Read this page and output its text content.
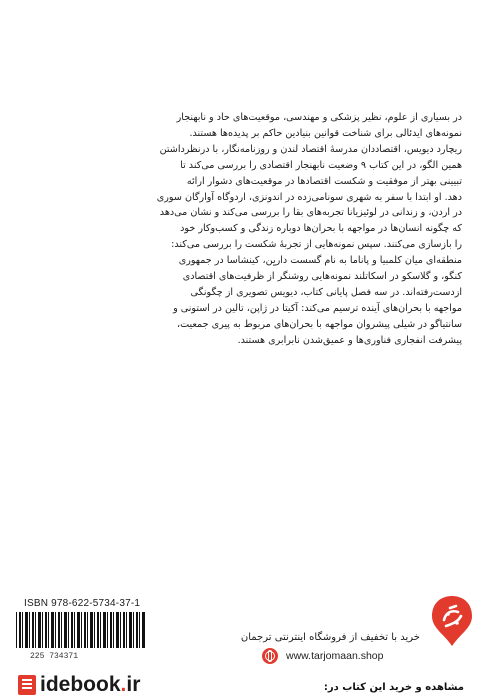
در بسیاری از علوم، نظیر پزشکی و مهندسی، موقعیت‌های حاد و نابهنجار
نمونه‌های ایدئالی برای شناخت قوانین بنیادین حاکم بر پدیده‌ها هستند.
ریچارد دیویس، اقتصاددان مدرسهٔ اقتصاد لندن و روزنامه‌نگار، با درنظرداشتن
همین الگو، در این کتاب ۹ وضعیت نابهنجار اقتصادی را بررسی می‌کند تا
تبیینی بهتر از موفقیت و شکست اقتصادها در موقعیت‌های دشوار ارائه
دهد. او ابتدا با سفر به شهری سونامی‌زده در اندونزی، اردوگاه آوارگان سوری
در اردن، و زندانی در لوئیزیانا تجربه‌های بقا را بررسی می‌کند و نشان می‌دهد
که چگونه انسان‌ها در مواجهه با بحران‌ها دوباره زندگی و کسب‌وکار خود
را بازسازی می‌کنند. سپس نمونه‌هایی از تجربهٔ شکست را بررسی می‌کند:
منطقه‌ای میان کلمبیا و پاناما به نام گسست داریِن، کینشاسا در جمهوری
کنگو، و گلاسکو در اسکاتلند نمونه‌هایی روشنگر از ظرفیت‌های اقتصادی
ازدست‌رفته‌اند. در سه فصل پایانی کتاب، دیویس تصویری از چگونگی
مواجهه با بحران‌های آینده ترسیم می‌کند: آکیتا در ژاپن، تالین در استونی و
سانتیاگو در شیلی پیشروان مواجهه با بحران‌های مربوط به پیری جمعیت،
پیشرفت انفجاری فناوری‌ها و عمیق‌شدن نابرابری هستند.
ISBN 978-622-5734-37-1
225 734371
خرید با تخفیف از فروشگاه اینترنتی ترجمان
www.tarjomaan.shop
idebook . ir	مشاهده و خرید این کتاب در:
